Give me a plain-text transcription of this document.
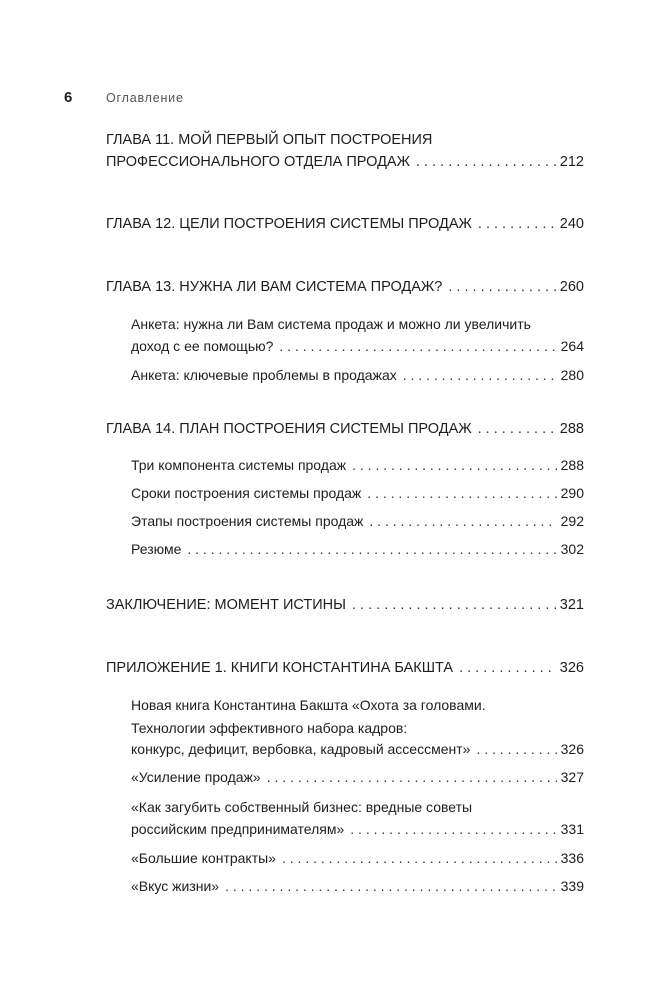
6	Оглавление
ГЛАВА 11. МОЙ ПЕРВЫЙ ОПЫТ ПОСТРОЕНИЯ
ПРОФЕССИОНАЛЬНОГО ОТДЕЛА ПРОДАЖ . . .	212
ГЛАВА 12. ЦЕЛИ ПОСТРОЕНИЯ СИСТЕМЫ ПРОДАЖ . . .	240
ГЛАВА 13. НУЖНА ЛИ ВАМ СИСТЕМА ПРОДАЖ? . . .	260
Анкета: нужна ли Вам система продаж и можно ли увеличить
доход с ее помощью? . . .	264
Анкета: ключевые проблемы в продажах . . .	280
ГЛАВА 14. ПЛАН ПОСТРОЕНИЯ СИСТЕМЫ ПРОДАЖ . . .	288
Три компонента системы продаж . . .	288
Сроки построения системы продаж . . .	290
Этапы построения системы продаж . . .	292
Резюме . . .	302
ЗАКЛЮЧЕНИЕ: МОМЕНТ ИСТИНЫ . . .	321
ПРИЛОЖЕНИЕ 1. КНИГИ КОНСТАНТИНА БАКШТА . . .	326
Новая книга Константина Бакшта «Охота за головами.
Технологии эффективного набора кадров:
конкурс, дефицит, вербовка, кадровый ассессмент» . . .	326
«Усиление продаж» . . .	327
«Как загубить собственный бизнес: вредные советы
российским предпринимателям» . . .	331
«Большие контракты» . . .	336
«Вкус жизни» . . .	339
